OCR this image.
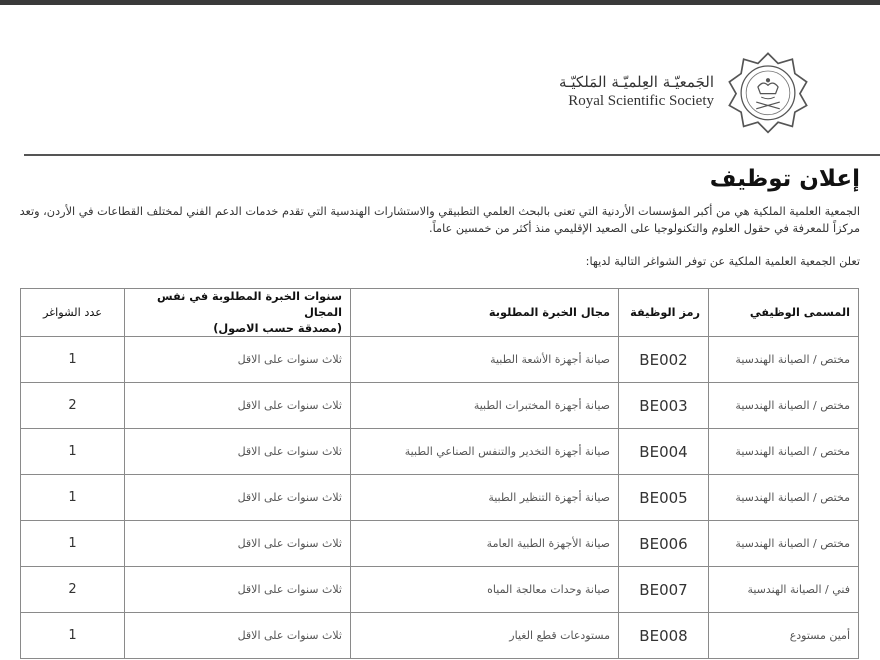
الجَمعيّـة العِلميّـة المَلكيّـة
Royal Scientific Society
إعلان توظيف
الجمعية العلمية الملكية هي من أكبر المؤسسات الأردنية التي تعنى بالبحث العلمي التطبيقي والاستشارات الهندسية التي تقدم خدمات الدعم الفني لمختلف القطاعات في الأردن، وتعد مركزاً للمعرفة في حقول العلوم والتكنولوجيا على الصعيد الإقليمي منذ أكثر من خمسين عاماً.
تعلن الجمعية العلمية الملكية عن توفر الشواغر التالية لديها:
المسمى الوظيفي	رمز الوظيفة	مجال الخبرة المطلوبة	سنوات الخبرة المطلوبة في نفس المجال
(مصدقة حسب الاصول)	عدد الشواغر
مختص / الصيانة الهندسية	BE002	صيانة أجهزة الأشعة الطبية	ثلاث سنوات على الاقل	1
مختص / الصيانة الهندسية	BE003	صيانة أجهزة المختبرات الطبية	ثلاث سنوات على الاقل	2
مختص / الصيانة الهندسية	BE004	صيانة أجهزة التخدير والتنفس الصناعي الطبية	ثلاث سنوات على الاقل	1
مختص / الصيانة الهندسية	BE005	صيانة أجهزة التنظير الطبية	ثلاث سنوات على الاقل	1
مختص / الصيانة الهندسية	BE006	صيانة الأجهزة الطبية العامة	ثلاث سنوات على الاقل	1
فني / الصيانة الهندسية	BE007	صيانة وحدات معالجة المياه	ثلاث سنوات على الاقل	2
أمين مستودع	BE008	مستودعات قطع الغيار	ثلاث سنوات على الاقل	1
